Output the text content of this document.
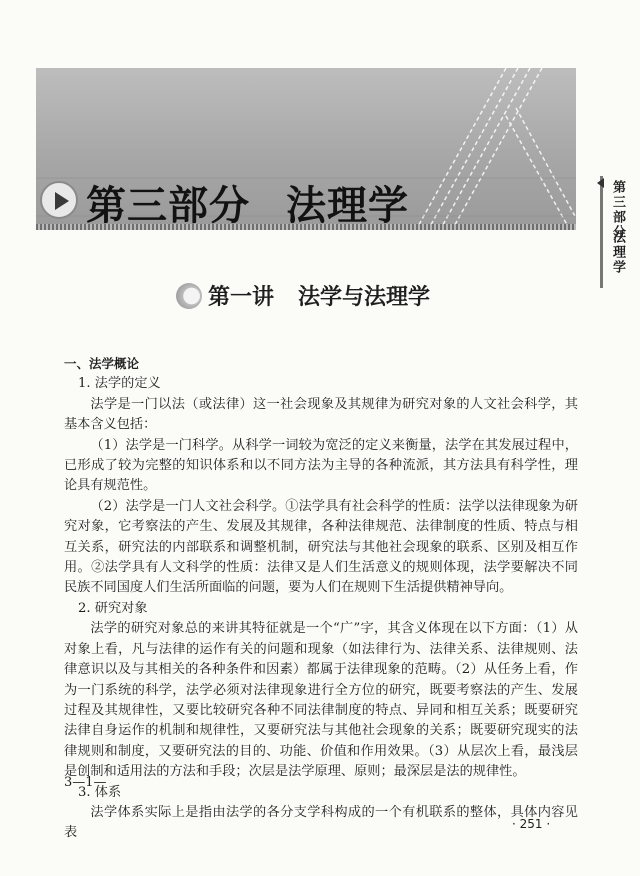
第三部分 法理学	第三部分
法理学
第一讲 法学与法理学

一、法学概论

1. 法学的定义

法学是一门以法（或法律）这一社会现象及其规律为研究对象的人文社会科学，其基本含义包括：

（1）法学是一门科学。从科学一词较为宽泛的定义来衡量，法学在其发展过程中，已形成了较为完整的知识体系和以不同方法为主导的各种流派，其方法具有科学性，理论具有规范性。

（2）法学是一门人文社会科学。①法学具有社会科学的性质：法学以法律现象为研究对象，它考察法的产生、发展及其规律，各种法律规范、法律制度的性质、特点与相互关系，研究法的内部联系和调整机制，研究法与其他社会现象的联系、区别及相互作用。②法学具有人文科学的性质：法律又是人们生活意义的规则体现，法学要解决不同民族不同国度人们生活所面临的问题，要为人们在规则下生活提供精神导向。

2. 研究对象

法学的研究对象总的来讲其特征就是一个“广”字，其含义体现在以下方面：（1）从对象上看，凡与法律的运作有关的问题和现象（如法律行为、法律关系、法律规则、法律意识以及与其相关的各种条件和因素）都属于法律现象的范畴。（2）从任务上看，作为一门系统的科学，法学必须对法律现象进行全方位的研究，既要考察法的产生、发展过程及其规律性，又要比较研究各种不同法律制度的特点、异同和相互关系；既要研究法律自身运作的机制和规律性，又要研究法与其他社会现象的关系；既要研究现实的法律规则和制度，又要研究法的目的、功能、价值和作用效果。（3）从层次上看，最浅层是创制和适用法的方法和手段；次层是法学原理、原则；最深层是法的规律性。

3. 体系

法学体系实际上是指由法学的各分支学科构成的一个有机联系的整体，具体内容见表

3—1—
· 251 ·
